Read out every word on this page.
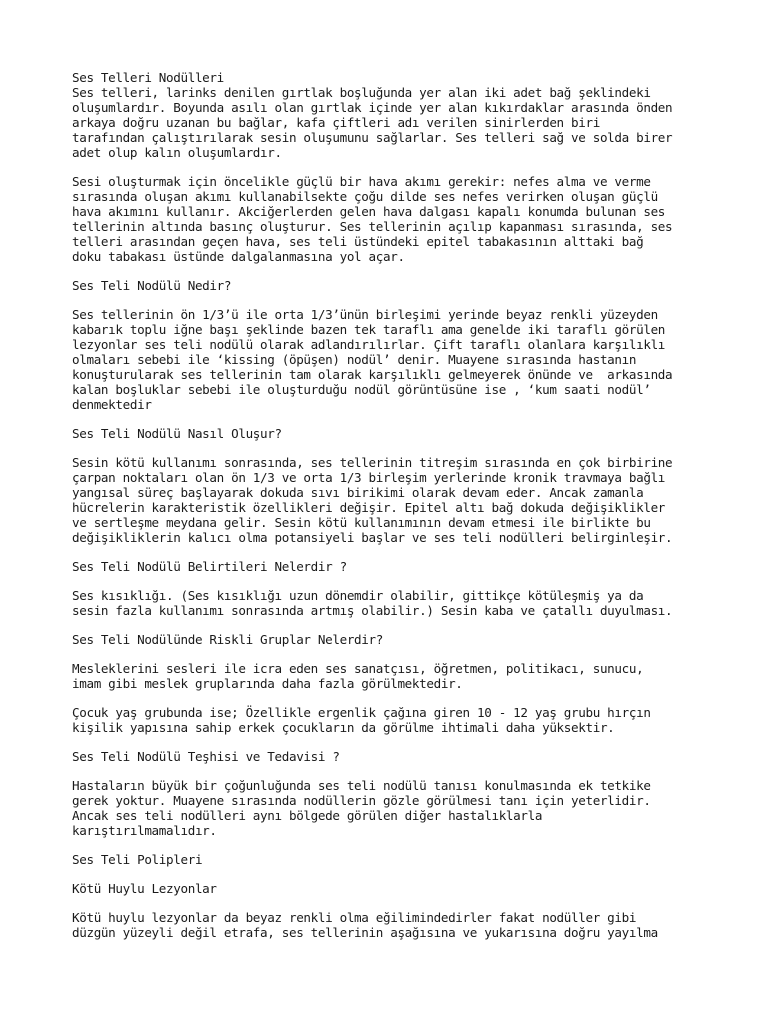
Ses Telleri Nodülleri
Ses telleri, larinks denilen gırtlak boşluğunda yer alan iki adet bağ şeklindeki
oluşumlardır. Boyunda asılı olan gırtlak içinde yer alan kıkırdaklar arasında önden
arkaya doğru uzanan bu bağlar, kafa çiftleri adı verilen sinirlerden biri
tarafından çalıştırılarak sesin oluşumunu sağlarlar. Ses telleri sağ ve solda birer
adet olup kalın oluşumlardır.
Sesi oluşturmak için öncelikle güçlü bir hava akımı gerekir: nefes alma ve verme
sırasında oluşan akımı kullanabilsekte çoğu dilde ses nefes verirken oluşan güçlü
hava akımını kullanır. Akciğerlerden gelen hava dalgası kapalı konumda bulunan ses
tellerinin altında basınç oluşturur. Ses tellerinin açılıp kapanması sırasında, ses
telleri arasından geçen hava, ses teli üstündeki epitel tabakasının alttaki bağ
doku tabakası üstünde dalgalanmasına yol açar.
Ses Teli Nodülü Nedir?
Ses tellerinin ön 1/3’ü ile orta 1/3’ünün birleşimi yerinde beyaz renkli yüzeyden
kabarık toplu iğne başı şeklinde bazen tek taraflı ama genelde iki taraflı görülen
lezyonlar ses teli nodülü olarak adlandırılırlar. Çift taraflı olanlara karşılıklı
olmaları sebebi ile ‘kissing (öpüşen) nodül’ denir. Muayene sırasında hastanın
konuşturularak ses tellerinin tam olarak karşılıklı gelmeyerek önünde ve  arkasında
kalan boşluklar sebebi ile oluşturduğu nodül görüntüsüne ise , ‘kum saati nodül’
denmektedir
Ses Teli Nodülü Nasıl Oluşur?
Sesin kötü kullanımı sonrasında, ses tellerinin titreşim sırasında en çok birbirine
çarpan noktaları olan ön 1/3 ve orta 1/3 birleşim yerlerinde kronik travmaya bağlı
yangısal süreç başlayarak dokuda sıvı birikimi olarak devam eder. Ancak zamanla
hücrelerin karakteristik özellikleri değişir. Epitel altı bağ dokuda değişiklikler
ve sertleşme meydana gelir. Sesin kötü kullanımının devam etmesi ile birlikte bu
değişikliklerin kalıcı olma potansiyeli başlar ve ses teli nodülleri belirginleşir.
Ses Teli Nodülü Belirtileri Nelerdir ?
Ses kısıklığı. (Ses kısıklığı uzun dönemdir olabilir, gittikçe kötüleşmiş ya da
sesin fazla kullanımı sonrasında artmış olabilir.) Sesin kaba ve çatallı duyulması.
Ses Teli Nodülünde Riskli Gruplar Nelerdir?
Mesleklerini sesleri ile icra eden ses sanatçısı, öğretmen, politikacı, sunucu,
imam gibi meslek gruplarında daha fazla görülmektedir.
Çocuk yaş grubunda ise; Özellikle ergenlik çağına giren 10 - 12 yaş grubu hırçın
kişilik yapısına sahip erkek çocukların da görülme ihtimali daha yüksektir.
Ses Teli Nodülü Teşhisi ve Tedavisi ?
Hastaların büyük bir çoğunluğunda ses teli nodülü tanısı konulmasında ek tetkike
gerek yoktur. Muayene sırasında nodüllerin gözle görülmesi tanı için yeterlidir.
Ancak ses teli nodülleri aynı bölgede görülen diğer hastalıklarla
karıştırılmamalıdır.
Ses Teli Polipleri
Kötü Huylu Lezyonlar
Kötü huylu lezyonlar da beyaz renkli olma eğilimindedirler fakat nodüller gibi
düzgün yüzeyli değil etrafa, ses tellerinin aşağısına ve yukarısına doğru yayılma
